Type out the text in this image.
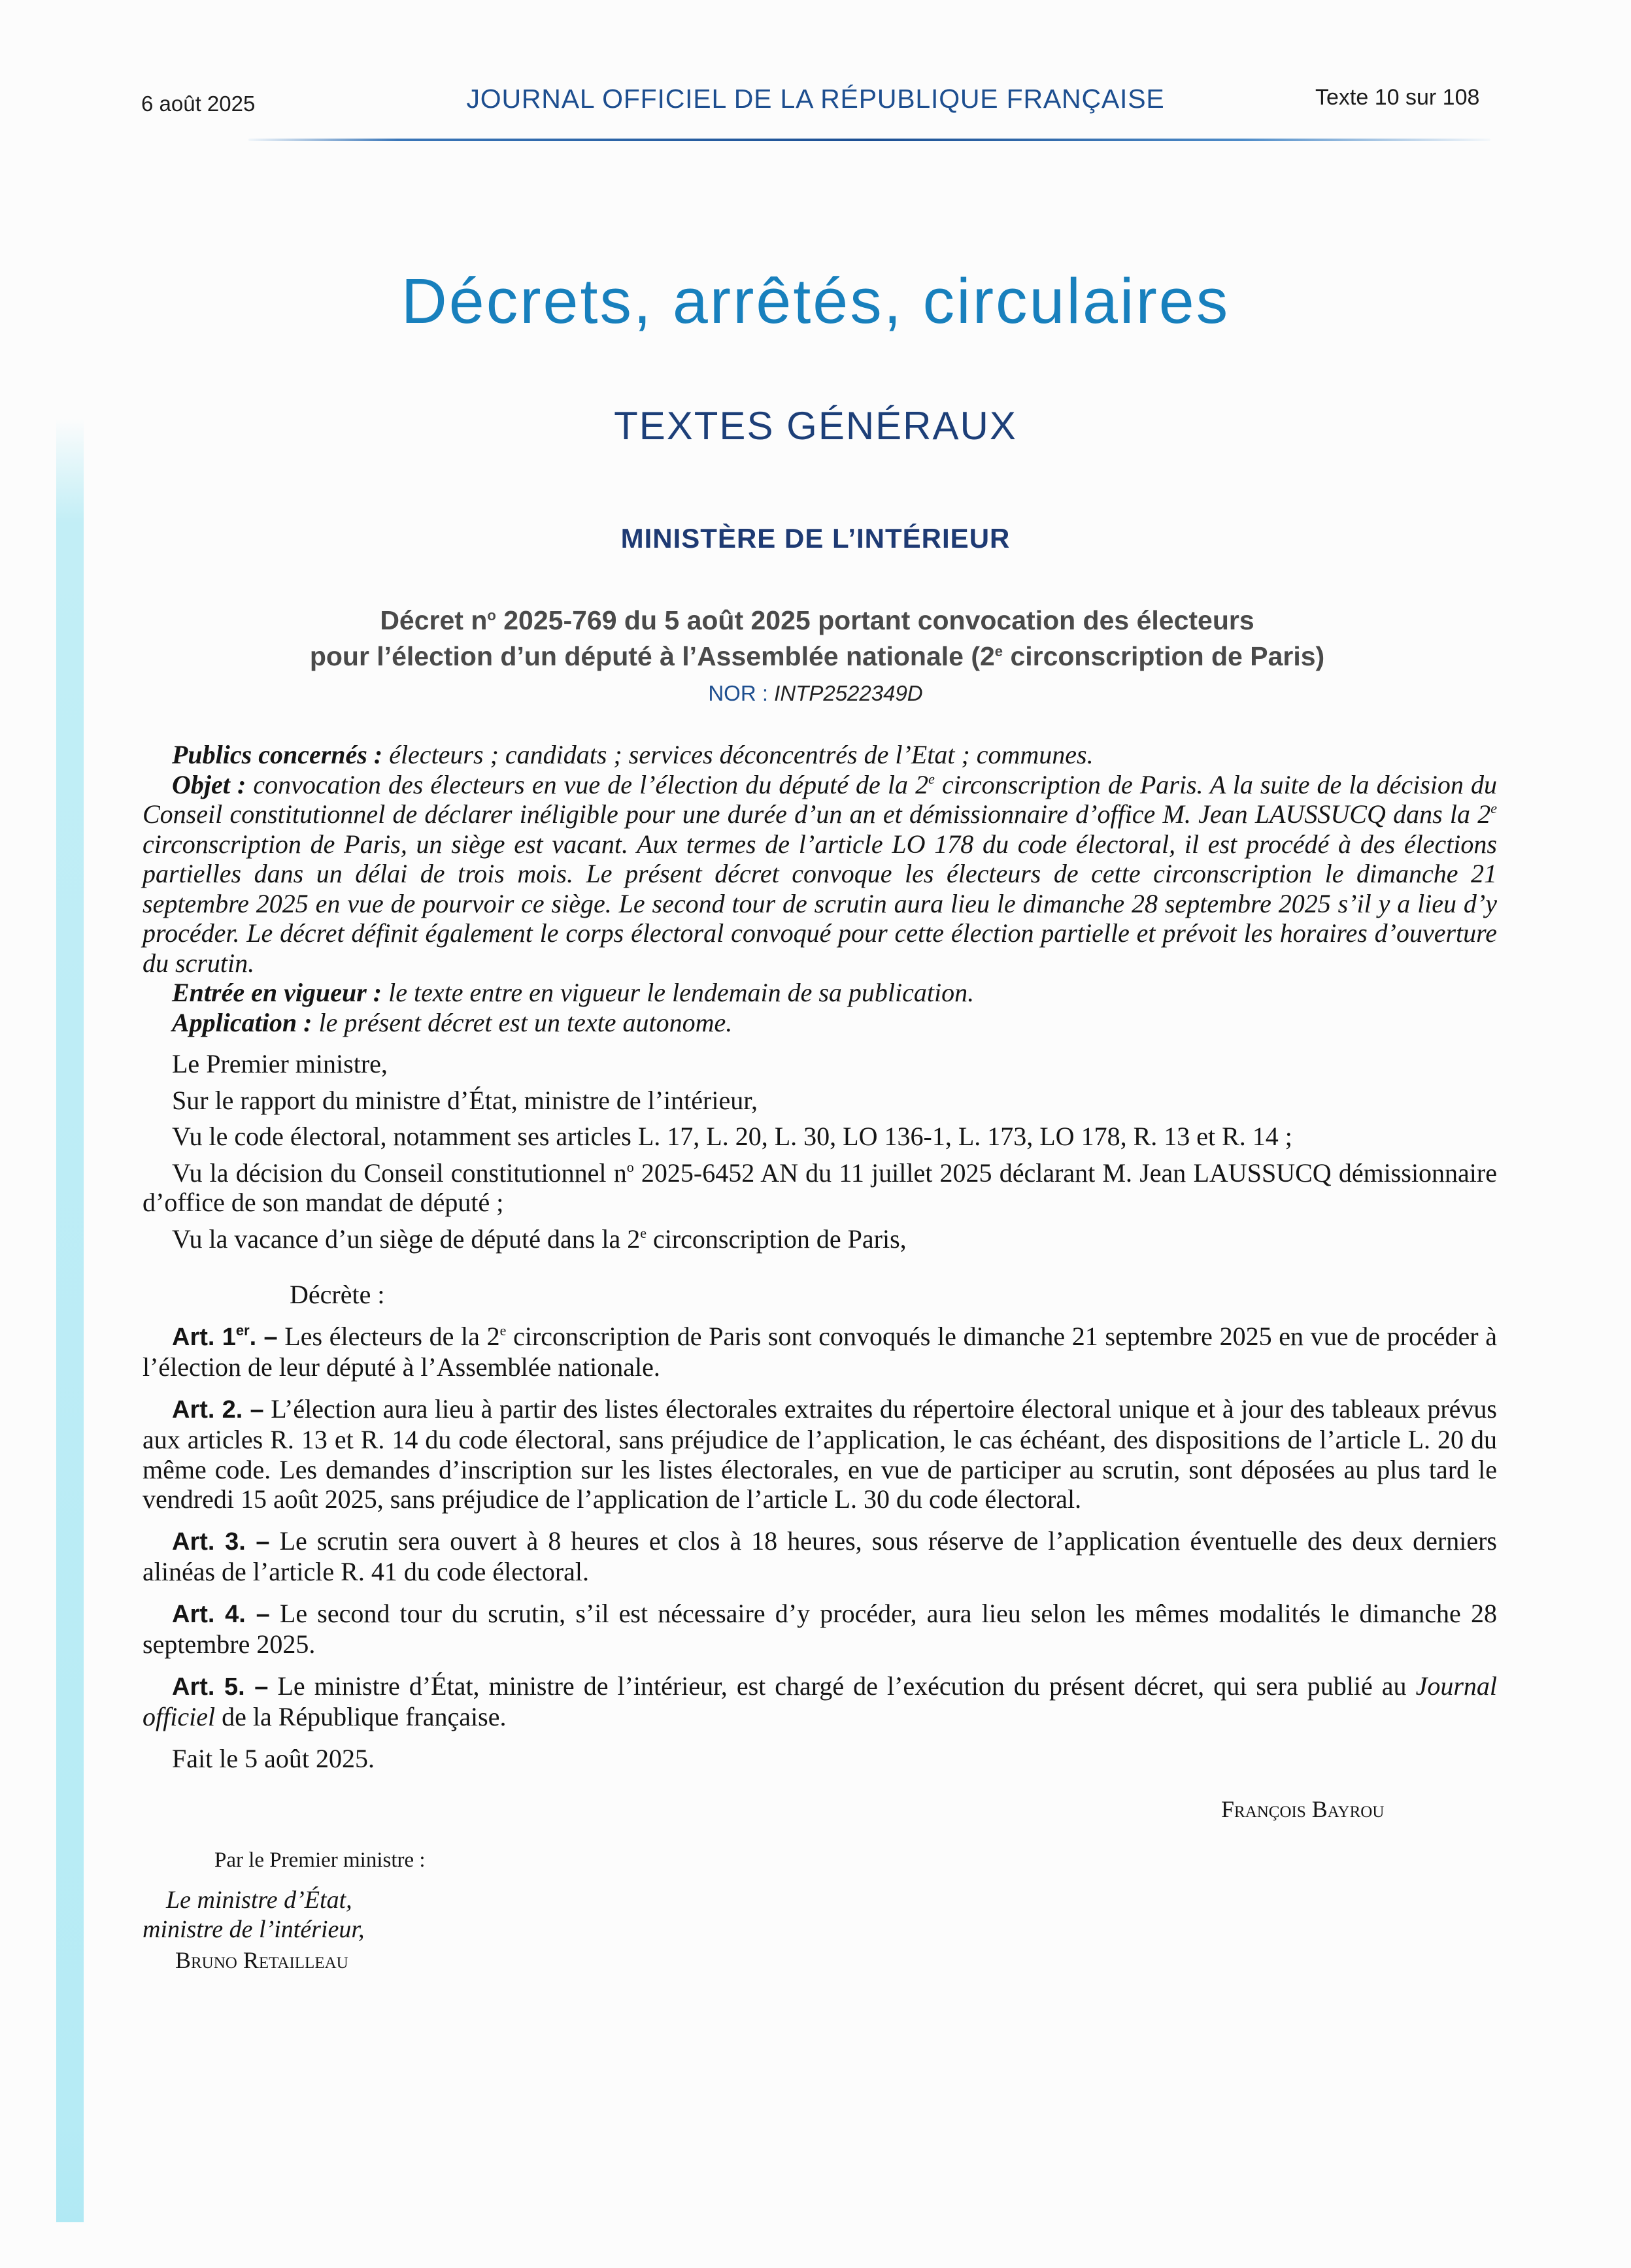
6 août 2025	JOURNAL OFFICIEL DE LA RÉPUBLIQUE FRANÇAISE	Texte 10 sur 108
Décrets, arrêtés, circulaires
TEXTES GÉNÉRAUX
MINISTÈRE DE L’INTÉRIEUR
Décret $n^o$ 2025-769 du 5 août 2025 portant convocation des électeurs
pour l’élection d’un député à l’Assemblée nationale (2e circonscription de Paris)
NOR : INTP2522349D

Publics concernés : électeurs ; candidats ; services déconcentrés de l’Etat ; communes.

Objet : convocation des électeurs en vue de l’élection du député de la 2e circonscription de Paris. A la suite de la décision du Conseil constitutionnel de déclarer inéligible pour une durée d’un an et démissionnaire d’office M. Jean LAUSSUCQ dans la 2e circonscription de Paris, un siège est vacant. Aux termes de l’article LO 178 du code électoral, il est procédé à des élections partielles dans un délai de trois mois. Le présent décret convoque les électeurs de cette circonscription le dimanche 21 septembre 2025 en vue de pourvoir ce siège. Le second tour de scrutin aura lieu le dimanche 28 septembre 2025 s’il y a lieu d’y procéder. Le décret définit également le corps électoral convoqué pour cette élection partielle et prévoit les horaires d’ouverture du scrutin.

Entrée en vigueur : le texte entre en vigueur le lendemain de sa publication.

Application : le présent décret est un texte autonome.

Le Premier ministre,

Sur le rapport du ministre d’État, ministre de l’intérieur,

Vu le code électoral, notamment ses articles L. 17, L. 20, L. 30, LO 136-1, L. 173, LO 178, R. 13 et R. 14 ;

Vu la décision du Conseil constitutionnel $n^o$ 2025-6452 AN du 11 juillet 2025 déclarant M. Jean LAUSSUCQ démissionnaire d’office de son mandat de député ;

Vu la vacance d’un siège de député dans la 2e circonscription de Paris,

Décrète :

Art. 1er. – Les électeurs de la 2e circonscription de Paris sont convoqués le dimanche 21 septembre 2025 en vue de procéder à l’élection de leur député à l’Assemblée nationale.

Art. 2. – L’élection aura lieu à partir des listes électorales extraites du répertoire électoral unique et à jour des tableaux prévus aux articles R. 13 et R. 14 du code électoral, sans préjudice de l’application, le cas échéant, des dispositions de l’article L. 20 du même code. Les demandes d’inscription sur les listes électorales, en vue de participer au scrutin, sont déposées au plus tard le vendredi 15 août 2025, sans préjudice de l’application de l’article L. 30 du code électoral.

Art. 3. – Le scrutin sera ouvert à 8 heures et clos à 18 heures, sous réserve de l’application éventuelle des deux derniers alinéas de l’article R. 41 du code électoral.

Art. 4. – Le second tour du scrutin, s’il est nécessaire d’y procéder, aura lieu selon les mêmes modalités le dimanche 28 septembre 2025.

Art. 5. – Le ministre d’État, ministre de l’intérieur, est chargé de l’exécution du présent décret, qui sera publié au Journal officiel de la République française.

Fait le 5 août 2025.

François Bayrou
Par le Premier ministre :
Le ministre d’État,
ministre de l’intérieur,
Bruno Retailleau
